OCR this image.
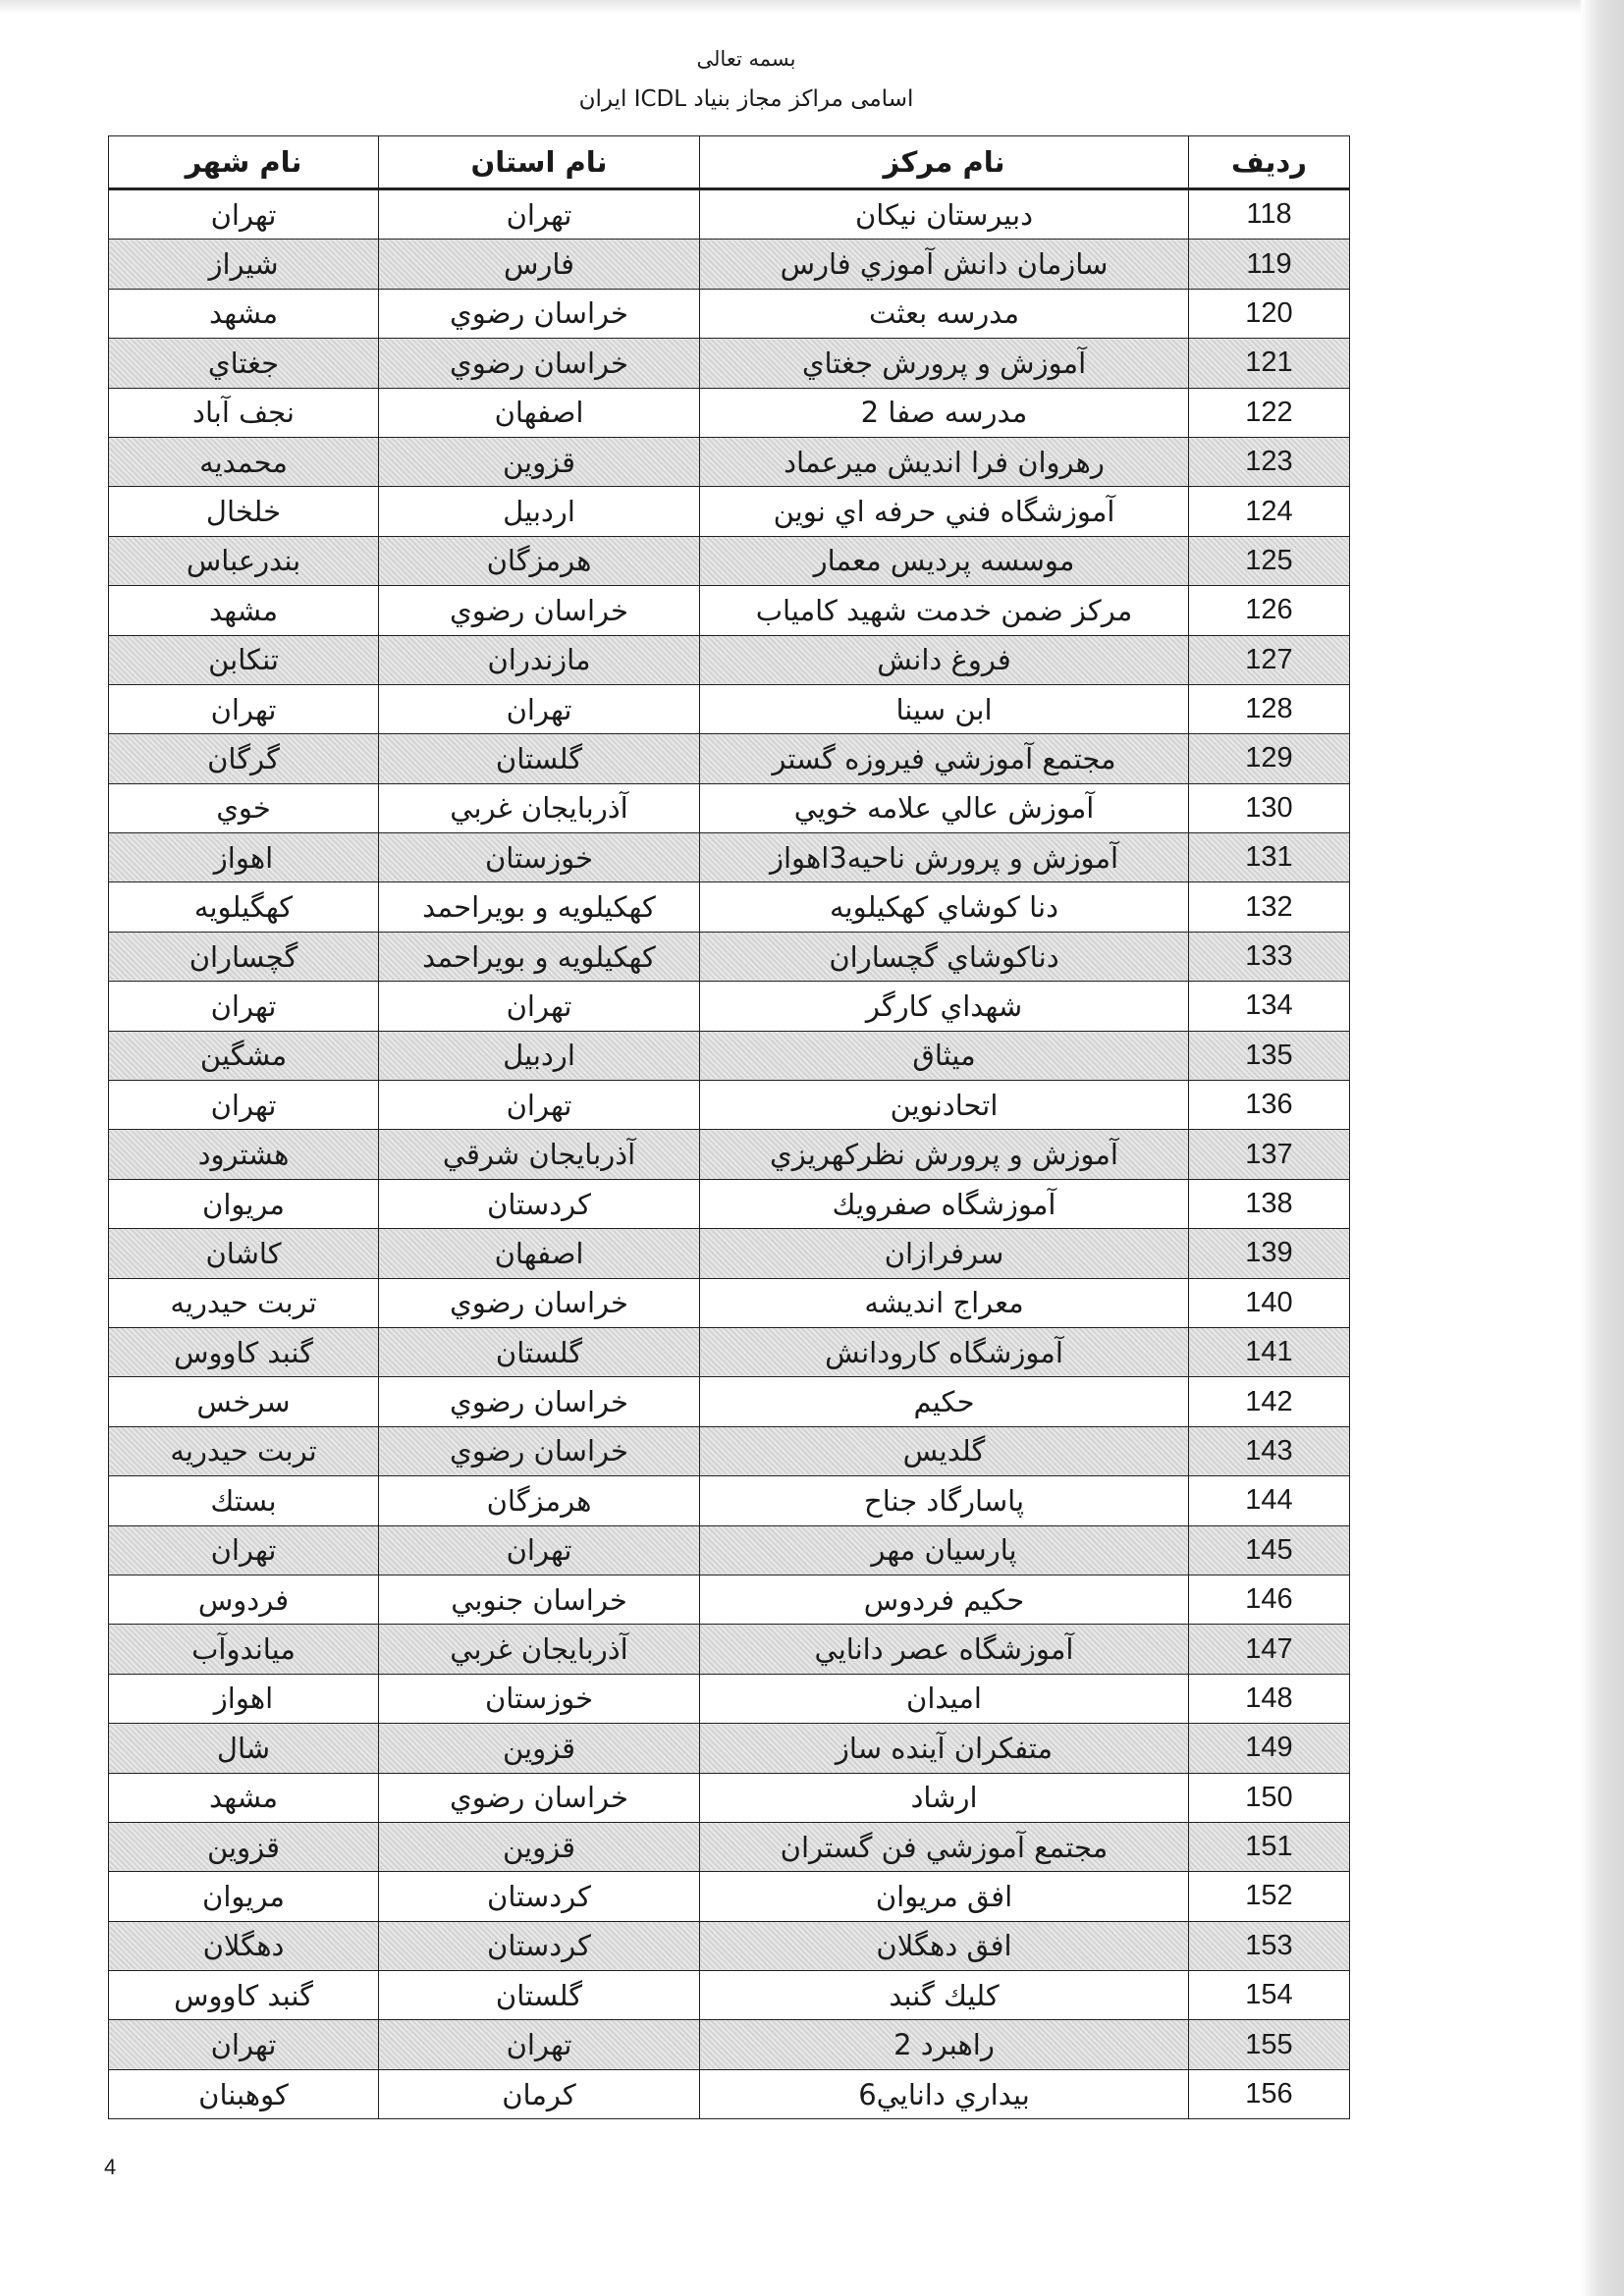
بسمه تعالی
اسامی مراکز مجاز بنیاد ICDL ایران
رديف	نام مرکز	نام استان	نام شهر
118	دبيرستان نيكان	تهران	تهران
119	سازمان دانش آموزي فارس	فارس	شيراز
120	مدرسه بعثت	خراسان رضوي	مشهد
121	آموزش و پرورش جغتاي	خراسان رضوي	جغتاي
122	مدرسه صفا 2	اصفهان	نجف آباد
123	رهروان فرا انديش ميرعماد	قزوين	محمديه
124	آموزشگاه فني حرفه اي نوين	اردبيل	خلخال
125	موسسه پرديس معمار	هرمزگان	بندرعباس
126	مركز ضمن خدمت شهيد كامياب	خراسان رضوي	مشهد
127	فروغ دانش	مازندران	تنكابن
128	ابن سينا	تهران	تهران
129	مجتمع آموزشي فيروزه گستر	گلستان	گرگان
130	آموزش عالي علامه خويي	آذربايجان غربي	خوي
131	آموزش و پرورش ناحيه3اهواز	خوزستان	اهواز
132	دنا كوشاي كهكيلويه	كهكيلويه و بويراحمد	كهگيلويه
133	دناكوشاي گچساران	كهكيلويه و بويراحمد	گچساران
134	شهداي كارگر	تهران	تهران
135	ميثاق	اردبيل	مشگين
136	اتحادنوين	تهران	تهران
137	آموزش و پرورش نظركهريزي	آذربايجان شرقي	هشترود
138	آموزشگاه صفرويك	كردستان	مريوان
139	سرفرازان	اصفهان	كاشان
140	معراج انديشه	خراسان رضوي	تربت حيدريه
141	آموزشگاه كارودانش	گلستان	گنبد كاووس
142	حكيم	خراسان رضوي	سرخس
143	گلديس	خراسان رضوي	تربت حيدريه
144	پاسارگاد جناح	هرمزگان	بستك
145	پارسيان مهر	تهران	تهران
146	حكيم فردوس	خراسان جنوبي	فردوس
147	آموزشگاه عصر دانايي	آذربايجان غربي	مياندوآب
148	اميدان	خوزستان	اهواز
149	متفكران آينده ساز	قزوين	شال
150	ارشاد	خراسان رضوي	مشهد
151	مجتمع آموزشي فن گستران	قزوين	قزوين
152	افق مريوان	كردستان	مريوان
153	افق دهگلان	كردستان	دهگلان
154	كليك گنبد	گلستان	گنبد كاووس
155	راهبرد 2	تهران	تهران
156	بيداري دانايي6	كرمان	كوهبنان
4
